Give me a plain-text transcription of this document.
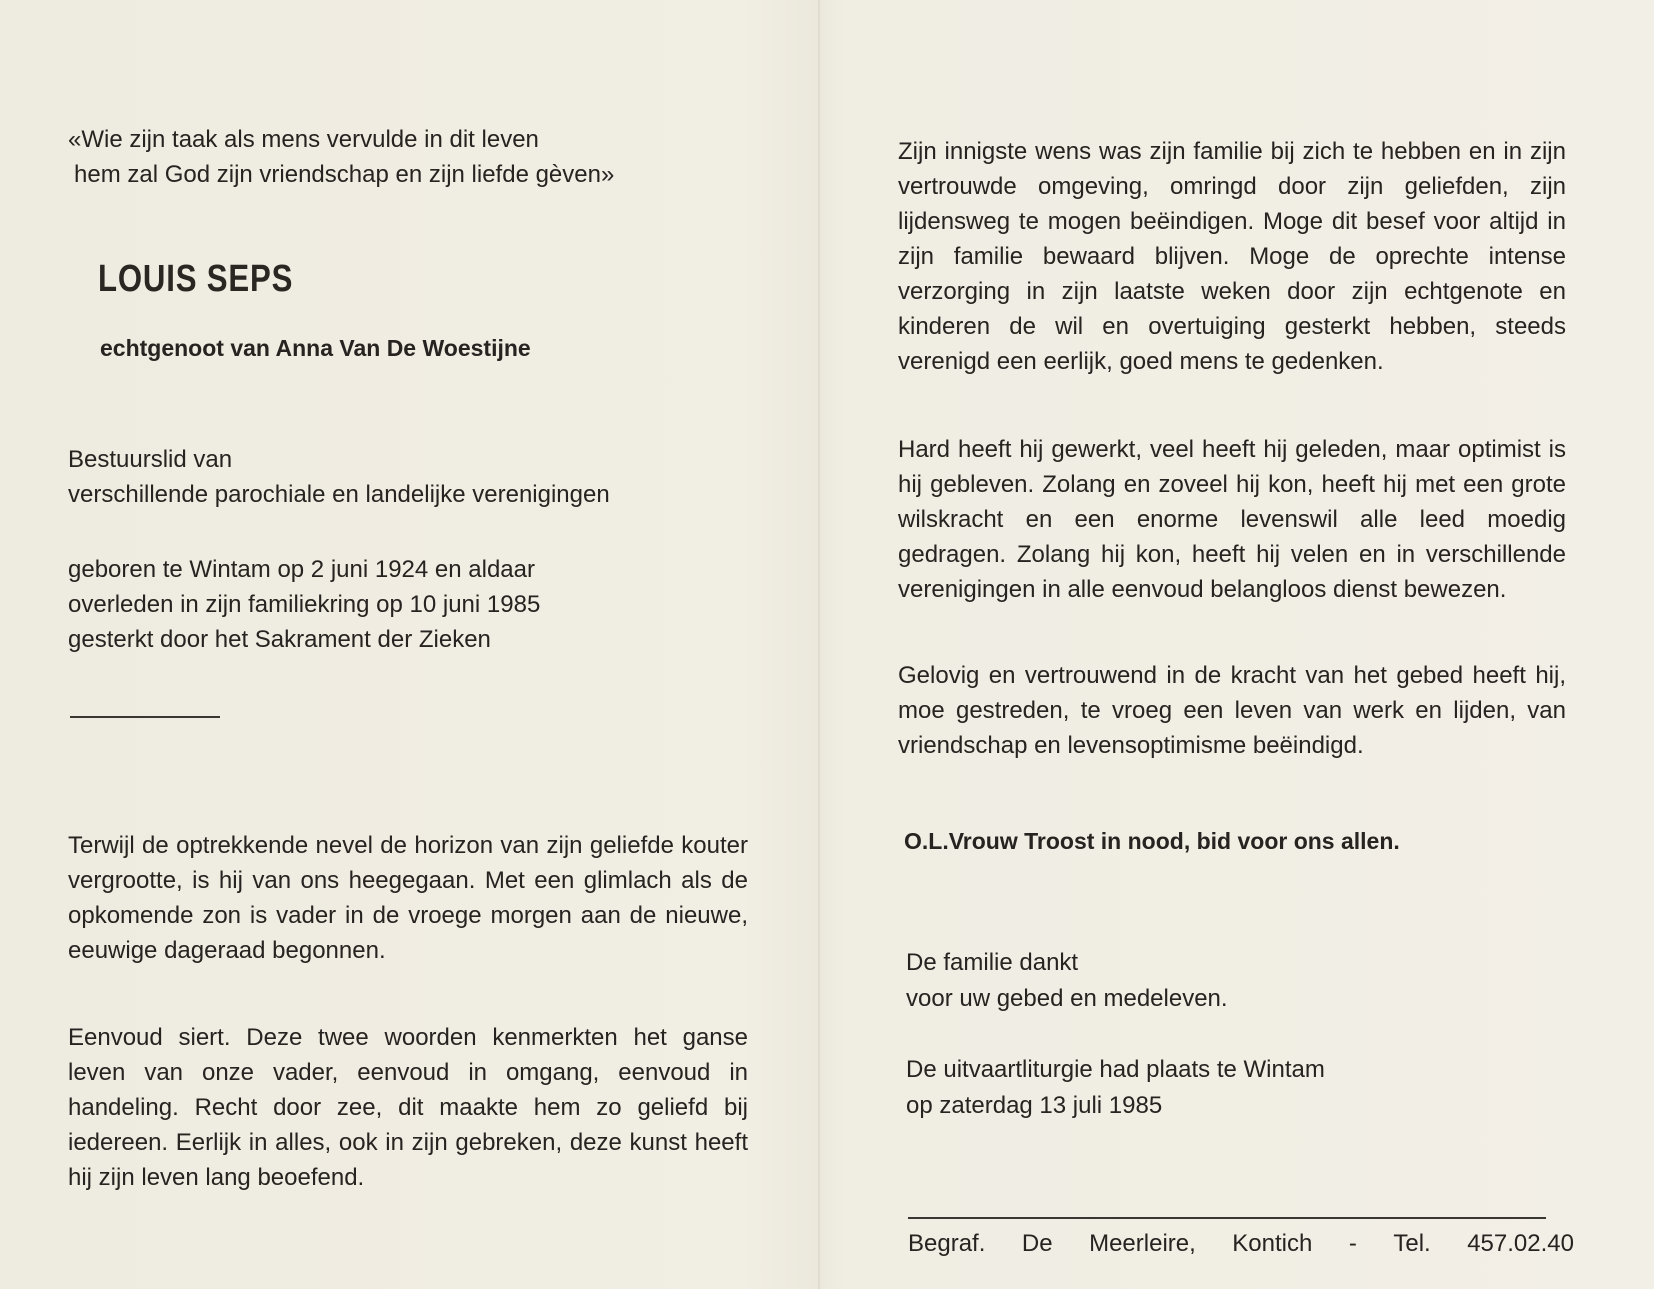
«Wie zijn taak als mens vervulde in dit leven
hem zal God zijn vriendschap en zijn liefde gèven»
LOUIS SEPS
echtgenoot van Anna Van De Woestijne
Bestuurslid van
verschillende parochiale en landelijke verenigingen
geboren te Wintam op 2 juni 1924 en aldaar
overleden in zijn familiekring op 10 juni 1985
gesterkt door het Sakrament der Zieken

Terwijl de optrekkende nevel de horizon van zijn geliefde kouter vergrootte, is hij van ons heegegaan. Met een glimlach als de opkomende zon is vader in de vroege morgen aan de nieuwe, eeuwige dageraad begonnen.

Eenvoud siert. Deze twee woorden kenmerkten het ganse leven van onze vader, eenvoud in omgang, eenvoud in handeling. Recht door zee, dit maakte hem zo geliefd bij iedereen. Eerlijk in alles, ook in zijn gebreken, deze kunst heeft hij zijn leven lang beoefend.

Zijn innigste wens was zijn familie bij zich te hebben en in zijn vertrouwde omgeving, omringd door zijn geliefden, zijn lijdensweg te mogen beëindigen. Moge dit besef voor altijd in zijn familie bewaard blijven. Moge de oprechte intense verzorging in zijn laatste weken door zijn echtgenote en kinderen de wil en overtuiging gesterkt hebben, steeds verenigd een eerlijk, goed mens te gedenken.

Hard heeft hij gewerkt, veel heeft hij geleden, maar optimist is hij gebleven. Zolang en zoveel hij kon, heeft hij met een grote wilskracht en een enorme levenswil alle leed moedig gedragen. Zolang hij kon, heeft hij velen en in verschillende verenigingen in alle eenvoud belangloos dienst bewezen.

Gelovig en vertrouwend in de kracht van het gebed heeft hij, moe gestreden, te vroeg een leven van werk en lijden, van vriendschap en levensoptimisme beëindigd.

O.L.Vrouw Troost in nood, bid voor ons allen.
De familie dankt
voor uw gebed en medeleven.
De uitvaartliturgie had plaats te Wintam
op zaterdag 13 juli 1985
Begraf. De Meerleire, Kontich - Tel. 457.02.40
